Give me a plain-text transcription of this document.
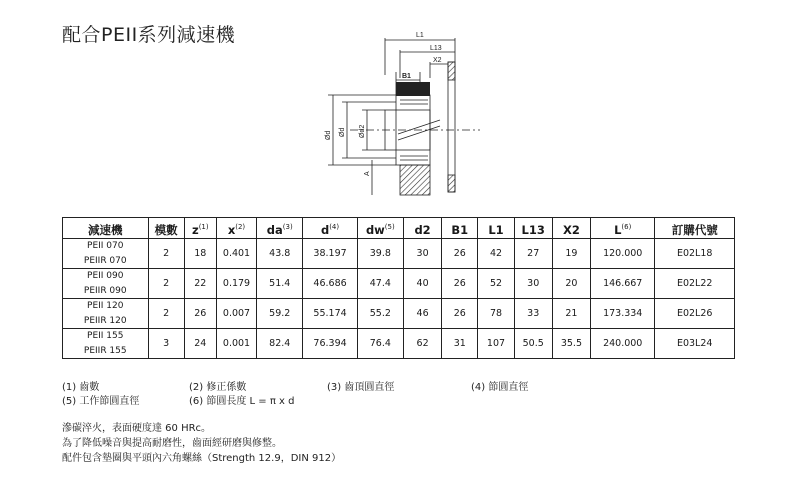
配合PEII系列減速機	L1
L13
X2
B1
Ød Ød Ød2
A
減速機	模數	$z^{(1)}$	$x^{(2)}$	$da^{(3)}$	$d^{(4)}$	$dw^{(5)}$	d2	B1	L1	L13	X2	$L^{(6)}$	訂購代號

PEII 070
PEIIR 070	2	18	0.401	43.8	38.197	39.8	30	26	42	27	19	120.000	E02L18

PEII 090
PEIIR 090	2	22	0.179	51.4	46.686	47.4	40	26	52	30	20	146.667	E02L22

PEII 120
PEIIR 120	2	26	0.007	59.2	55.174	55.2	46	26	78	33	21	173.334	E02L26

PEII 155
PEIIR 155	3	24	0.001	82.4	76.394	76.4	62	31	107	50.5	35.5	240.000	E03L24
(1) 齒數	(2) 修正係數	(3) 齒頂圓直徑	(4) 節圓直徑
(5) 工作節圓直徑	(6) 節圓長度 L = π x d
滲碳淬火，表面硬度達 60 HRc。
為了降低噪音與提高耐磨性，齒面經研磨與修整。
配件包含墊圈與平頭內六角螺絲（Strength 12.9，DIN 912）
